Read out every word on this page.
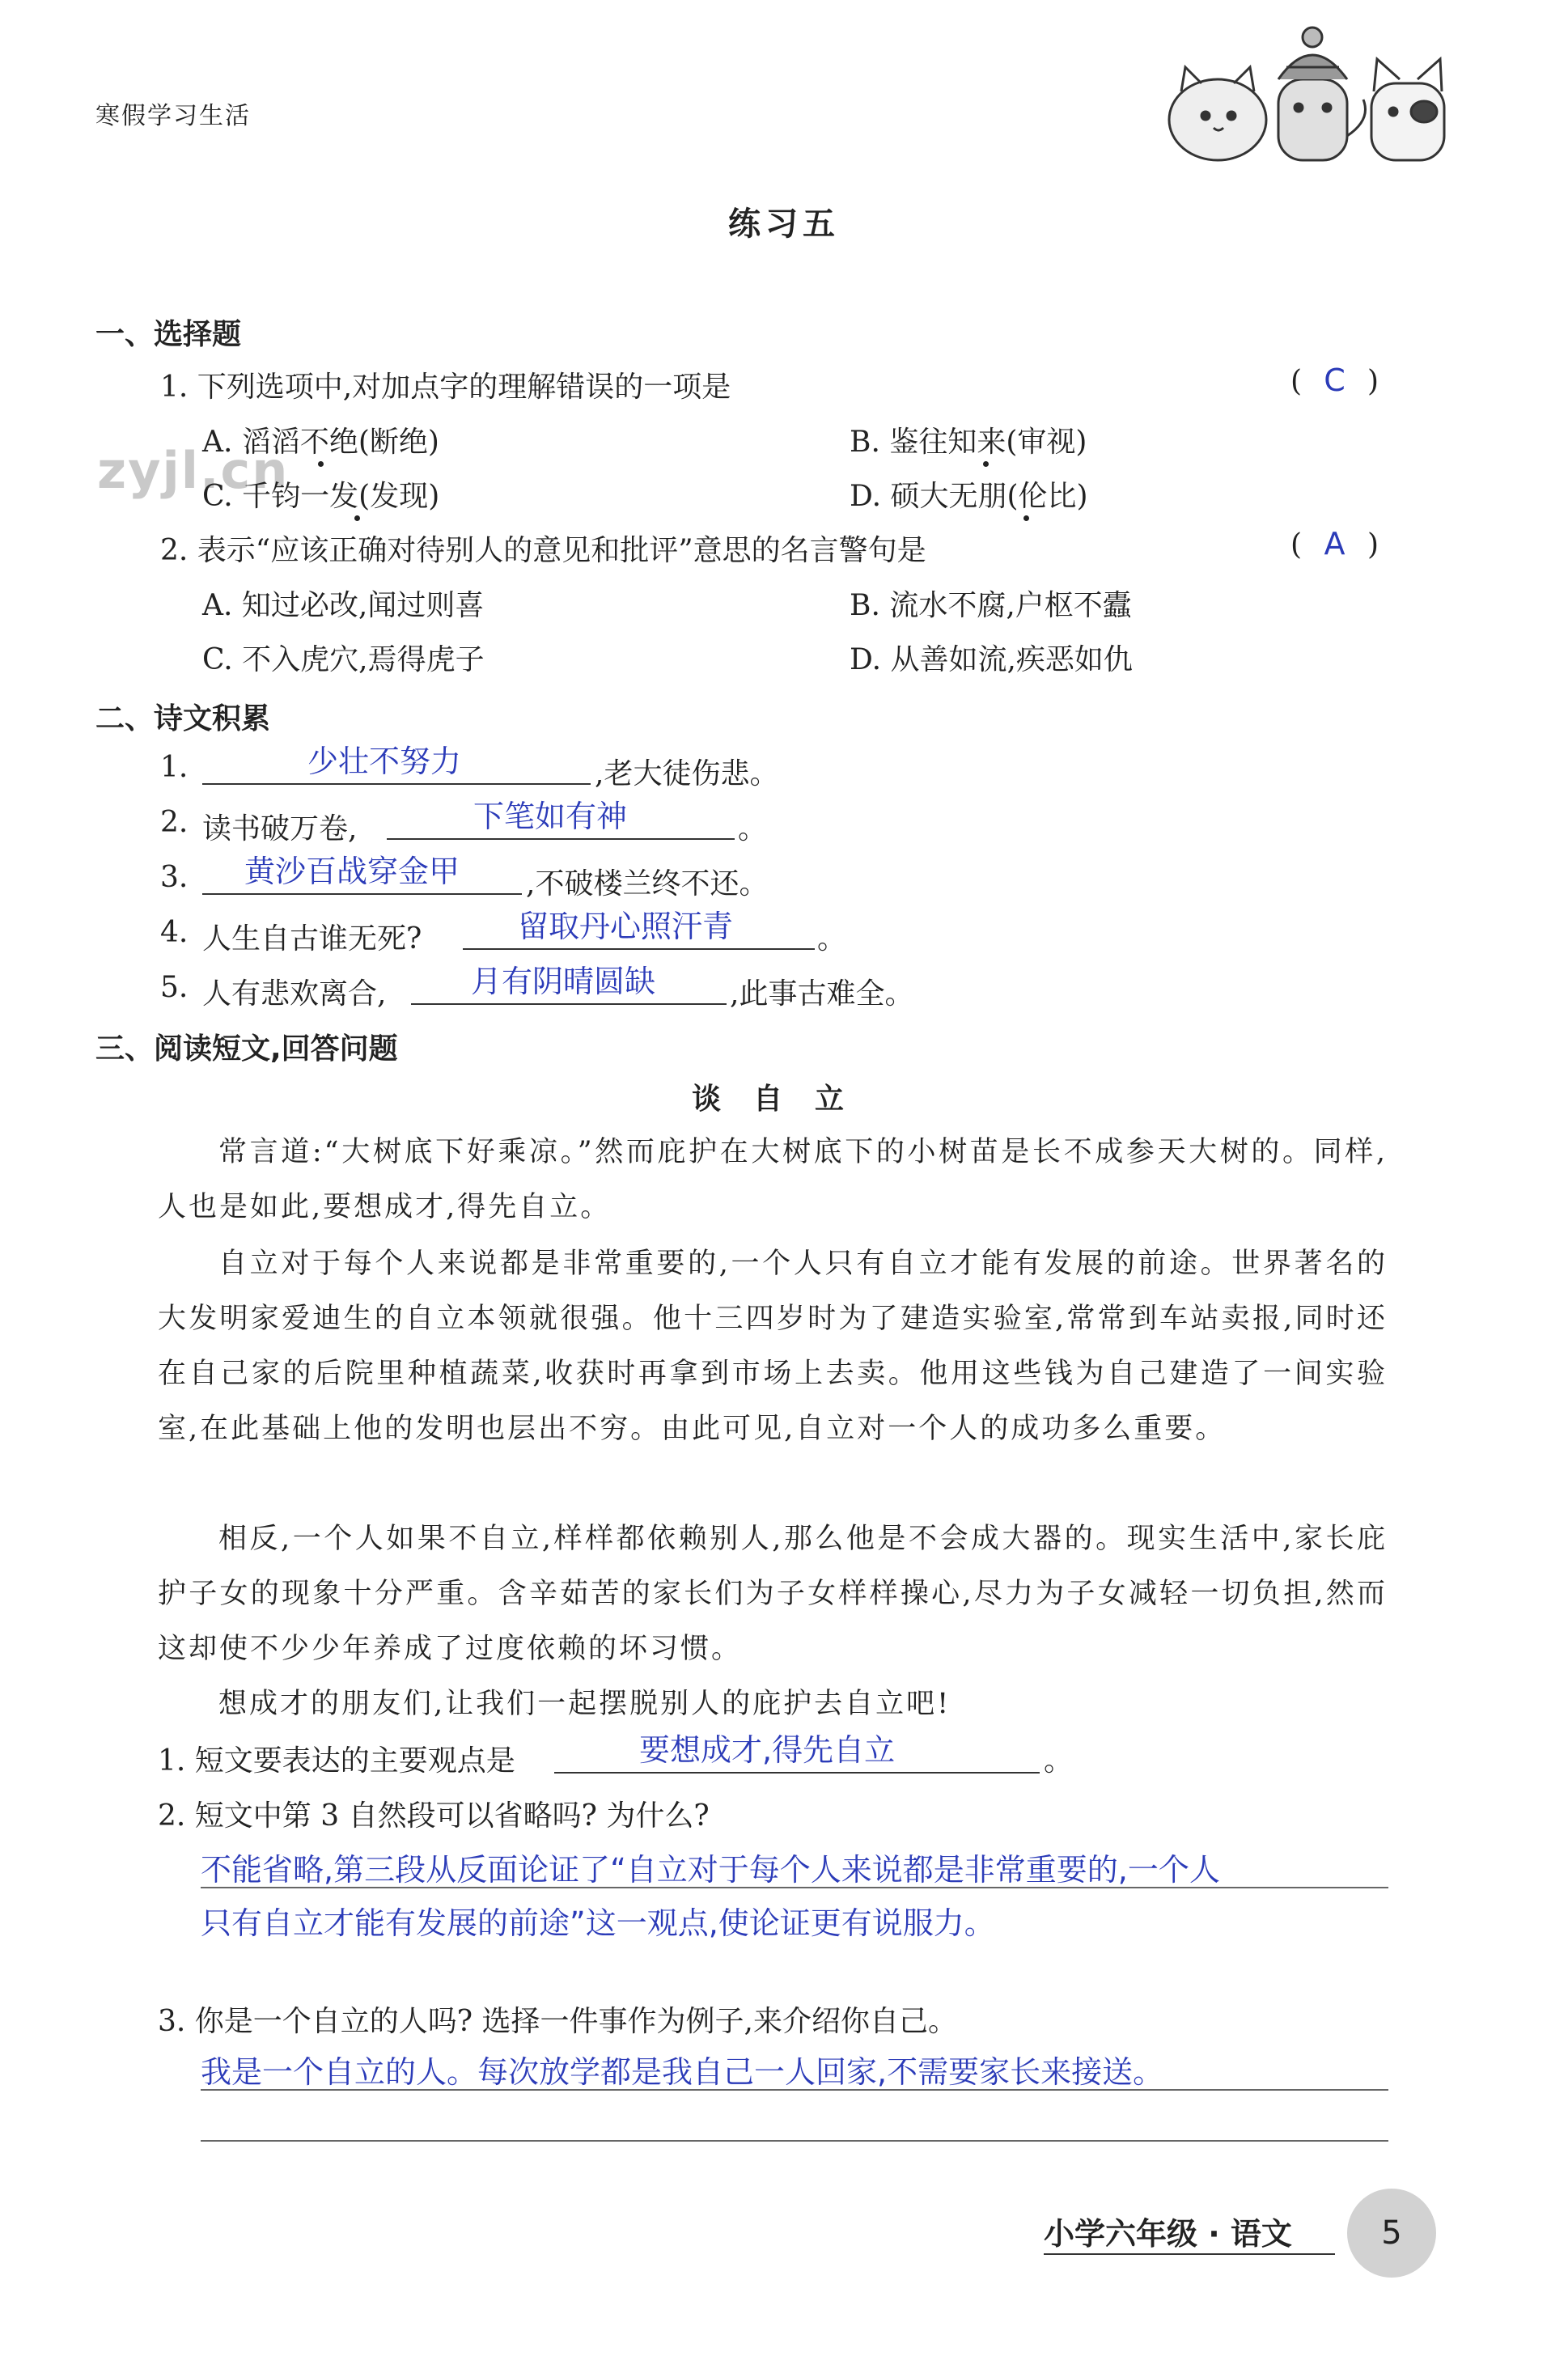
寒假学习生活
练习五
zyjl.cn
一、选择题
1. 下列选项中,对加点字的理解错误的一项是	( C )
A. 滔滔不绝(断绝)	B. 鉴往知来(审视)
C. 千钧一发(发现)	D. 硕大无朋(伦比)
2. 表示“应该正确对待别人的意见和批评”意思的名言警句是	( A )
A. 知过必改,闻过则喜	B. 流水不腐,户枢不蠹
C. 不入虎穴,焉得虎子	D. 从善如流,疾恶如仇
二、诗文积累
1.	少壮不努力	,老大徒伤悲。
2. 读书破万卷,	下笔如有神	。
3. 黄沙百战穿金甲 ,不破楼兰终不还。
4. 人生自古谁无死?	留取丹心照汗青	。
5. 人有悲欢离合,	月有阴晴圆缺	,此事古难全。
三、阅读短文,回答问题
谈自立
常言道:“大树底下好乘凉。”然而庇护在大树底下的小树苗是长不成参天大树的。同样,人也是如此,要想成才,得先自立。
自立对于每个人来说都是非常重要的,一个人只有自立才能有发展的前途。世界著名的大发明家爱迪生的自立本领就很强。他十三四岁时为了建造实验室,常常到车站卖报,同时还在自己家的后院里种植蔬菜,收获时再拿到市场上去卖。他用这些钱为自己建造了一间实验室,在此基础上他的发明也层出不穷。由此可见,自立对一个人的成功多么重要。
相反,一个人如果不自立,样样都依赖别人,那么他是不会成大器的。现实生活中,家长庇护子女的现象十分严重。含辛茹苦的家长们为子女样样操心,尽力为子女减轻一切负担,然而这却使不少少年养成了过度依赖的坏习惯。
想成才的朋友们,让我们一起摆脱别人的庇护去自立吧!
1. 短文要表达的主要观点是	要想成才,得先自立	。
2. 短文中第 3 自然段可以省略吗? 为什么?
不能省略,第三段从反面论证了“自立对于每个人来说都是非常重要的,一个人
只有自立才能有发展的前途”这一观点,使论证更有说服力。
3. 你是一个自立的人吗? 选择一件事作为例子,来介绍你自己。
我是一个自立的人。每次放学都是我自己一人回家,不需要家长来接送。
小学六年级 · 语文	5
